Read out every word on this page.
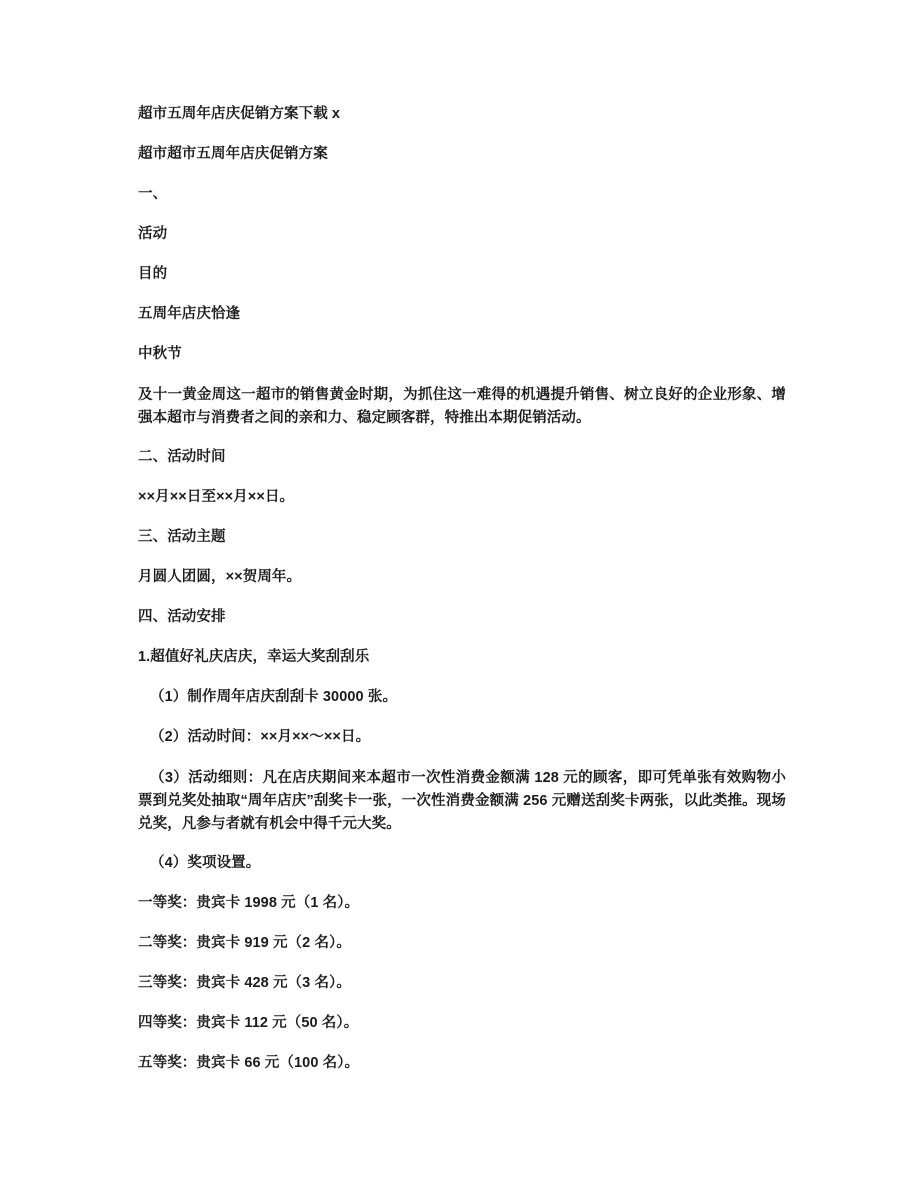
超市五周年店庆促销方案下载 x

超市超市五周年店庆促销方案

一、

活动

目的

五周年店庆恰逢

中秋节

及十一黄金周这一超市的销售黄金时期，为抓住这一难得的机遇提升销售、树立良好的企业形象、增强本超市与消费者之间的亲和力、稳定顾客群，特推出本期促销活动。

二、活动时间

××月××日至××月××日。

三、活动主题

月圆人团圆，××贺周年。

四、活动安排

1.超值好礼庆店庆，幸运大奖刮刮乐

（1）制作周年店庆刮刮卡 30000 张。

（2）活动时间：××月××～××日。

（3）活动细则：凡在店庆期间来本超市一次性消费金额满 128 元的顾客，即可凭单张有效购物小票到兑奖处抽取“周年店庆”刮奖卡一张，一次性消费金额满 256 元赠送刮奖卡两张，以此类推。现场兑奖，凡参与者就有机会中得千元大奖。

（4）奖项设置。

一等奖：贵宾卡 1998 元（1 名）。

二等奖：贵宾卡 919 元（2 名）。

三等奖：贵宾卡 428 元（3 名）。

四等奖：贵宾卡 112 元（50 名）。

五等奖：贵宾卡 66 元（100 名）。
